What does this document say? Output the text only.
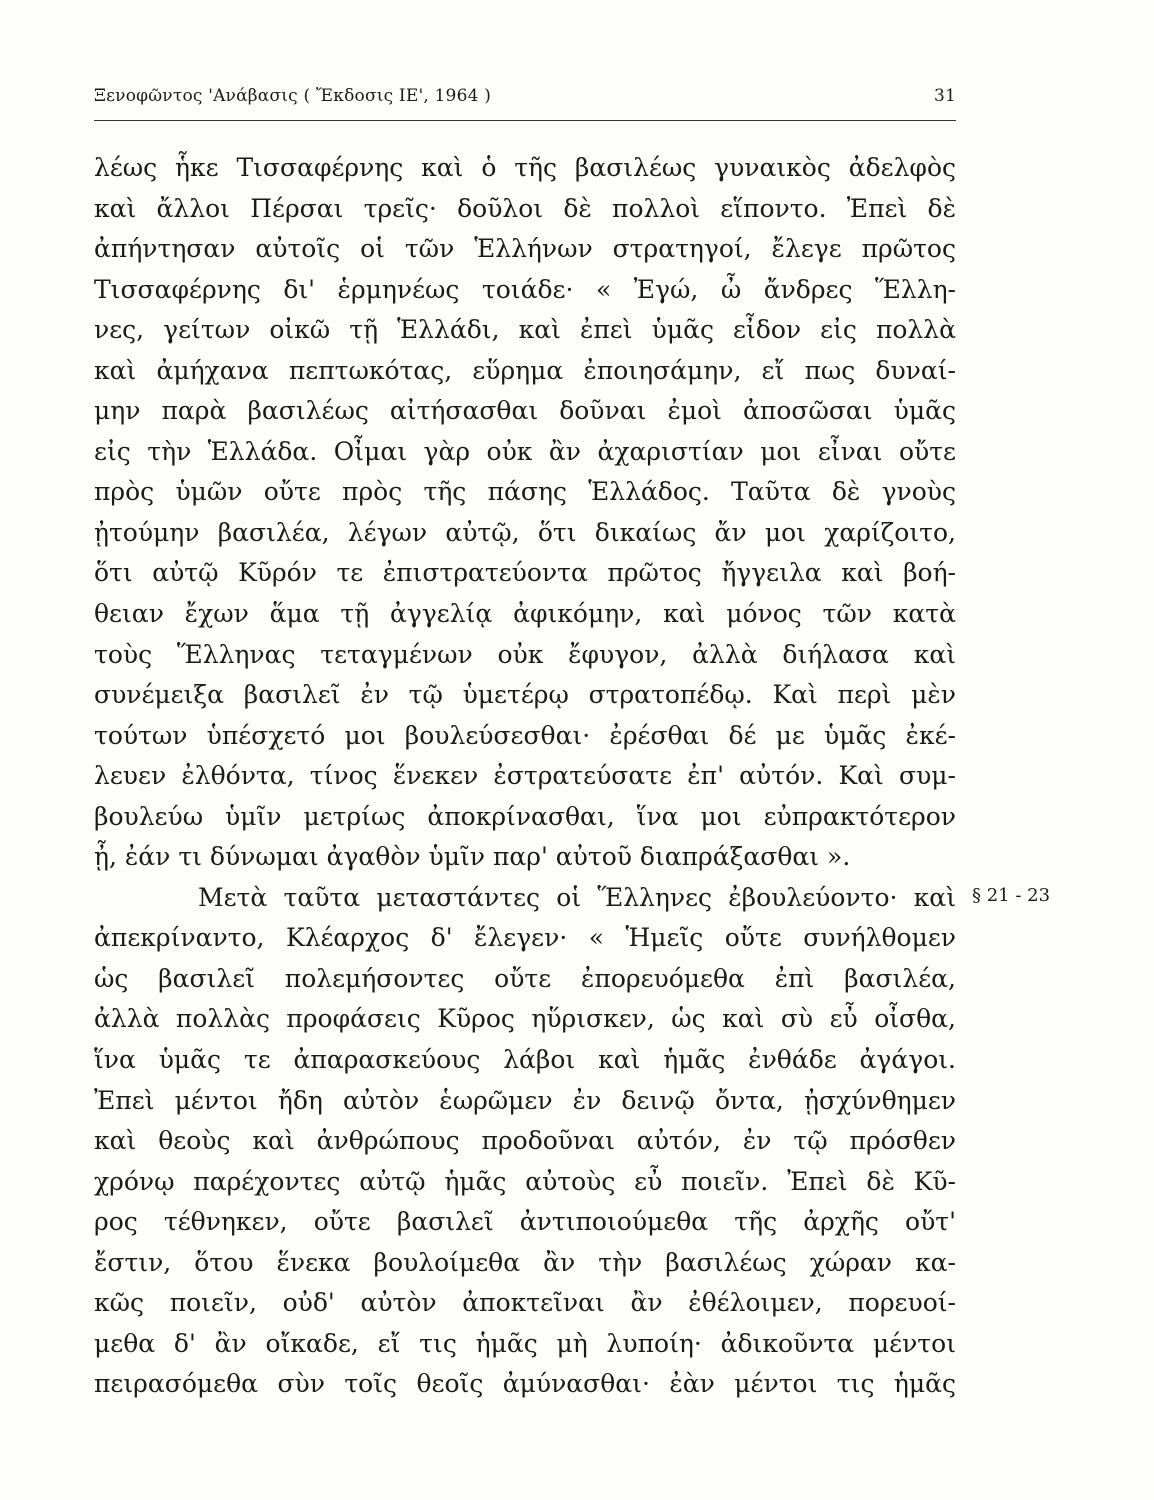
Ξενοφῶντος 'Ανάβασις ( Ἔκδοσις ΙΕ', 1964 )	31
λέως ἧκε Τισσαφέρνης καὶ ὁ τῆς βασιλέως γυναικὸς ἀδελφὸς
καὶ ἄλλοι Πέρσαι τρεῖς· δοῦλοι δὲ πολλοὶ εἵποντο. Ἐπεὶ δὲ
ἀπήντησαν αὐτοῖς οἱ τῶν Ἑλλήνων στρατηγοί, ἔλεγε πρῶτος
Τισσαφέρνης δι' ἑρμηνέως τοιάδε· « Ἐγώ, ὦ ἄνδρες Ἕλλη-
νες, γείτων οἰκῶ τῇ Ἑλλάδι, καὶ ἐπεὶ ὑμᾶς εἶδον εἰς πολλὰ
καὶ ἀμήχανα πεπτωκότας, εὕρημα ἐποιησάμην, εἴ πως δυναί-
μην παρὰ βασιλέως αἰτήσασθαι δοῦναι ἐμοὶ ἀποσῶσαι ὑμᾶς
εἰς τὴν Ἑλλάδα. Οἶμαι γὰρ οὐκ ἂν ἀχαριστίαν μοι εἶναι οὔτε
πρὸς ὑμῶν οὔτε πρὸς τῆς πάσης Ἑλλάδος. Ταῦτα δὲ γνοὺς
ᾐτούμην βασιλέα, λέγων αὐτῷ, ὅτι δικαίως ἄν μοι χαρίζοιτο,
ὅτι αὐτῷ Κῦρόν τε ἐπιστρατεύοντα πρῶτος ἤγγειλα καὶ βοή-
θειαν ἔχων ἅμα τῇ ἀγγελίᾳ ἀφικόμην, καὶ μόνος τῶν κατὰ
τοὺς Ἕλληνας τεταγμένων οὐκ ἔφυγον, ἀλλὰ διήλασα καὶ
συνέμειξα βασιλεῖ ἐν τῷ ὑμετέρῳ στρατοπέδῳ. Καὶ περὶ μὲν
τούτων ὑπέσχετό μοι βουλεύσεσθαι· ἐρέσθαι δέ με ὑμᾶς ἐκέ-
λευεν ἐλθόντα, τίνος ἕνεκεν ἐστρατεύσατε ἐπ' αὐτόν. Καὶ συμ-
βουλεύω ὑμῖν μετρίως ἀποκρίνασθαι, ἵνα μοι εὐπρακτότερον
ᾖ, ἐάν τι δύνωμαι ἀγαθὸν ὑμῖν παρ' αὐτοῦ διαπράξασθαι ».
Μετὰ ταῦτα μεταστάντες οἱ Ἕλληνες ἐβουλεύοντο· καὶ
ἀπεκρίναντο, Κλέαρχος δ' ἔλεγεν· « Ἡμεῖς οὔτε συνήλθομεν
ὡς βασιλεῖ πολεμήσοντες οὔτε ἐπορευόμεθα ἐπὶ βασιλέα,
ἀλλὰ πολλὰς προφάσεις Κῦρος ηὕρισκεν, ὡς καὶ σὺ εὖ οἶσθα,
ἵνα ὑμᾶς τε ἀπαρασκεύους λάβοι καὶ ἡμᾶς ἐνθάδε ἀγάγοι.
Ἐπεὶ μέντοι ἤδη αὐτὸν ἑωρῶμεν ἐν δεινῷ ὄντα, ᾐσχύνθημεν
καὶ θεοὺς καὶ ἀνθρώπους προδοῦναι αὐτόν, ἐν τῷ πρόσθεν
χρόνῳ παρέχοντες αὐτῷ ἡμᾶς αὐτοὺς εὖ ποιεῖν. Ἐπεὶ δὲ Κῦ-
ρος τέθνηκεν, οὔτε βασιλεῖ ἀντιποιούμεθα τῆς ἀρχῆς οὔτ'
ἔστιν, ὅτου ἕνεκα βουλοίμεθα ἂν τὴν βασιλέως χώραν κα-
κῶς ποιεῖν, οὐδ' αὐτὸν ἀποκτεῖναι ἂν ἐθέλοιμεν, πορευοί-
μεθα δ' ἂν οἴκαδε, εἴ τις ἡμᾶς μὴ λυποίη· ἀδικοῦντα μέντοι
πειρασόμεθα σὺν τοῖς θεοῖς ἀμύνασθαι· ἐὰν μέντοι τις ἡμᾶς
§ 21 - 23
